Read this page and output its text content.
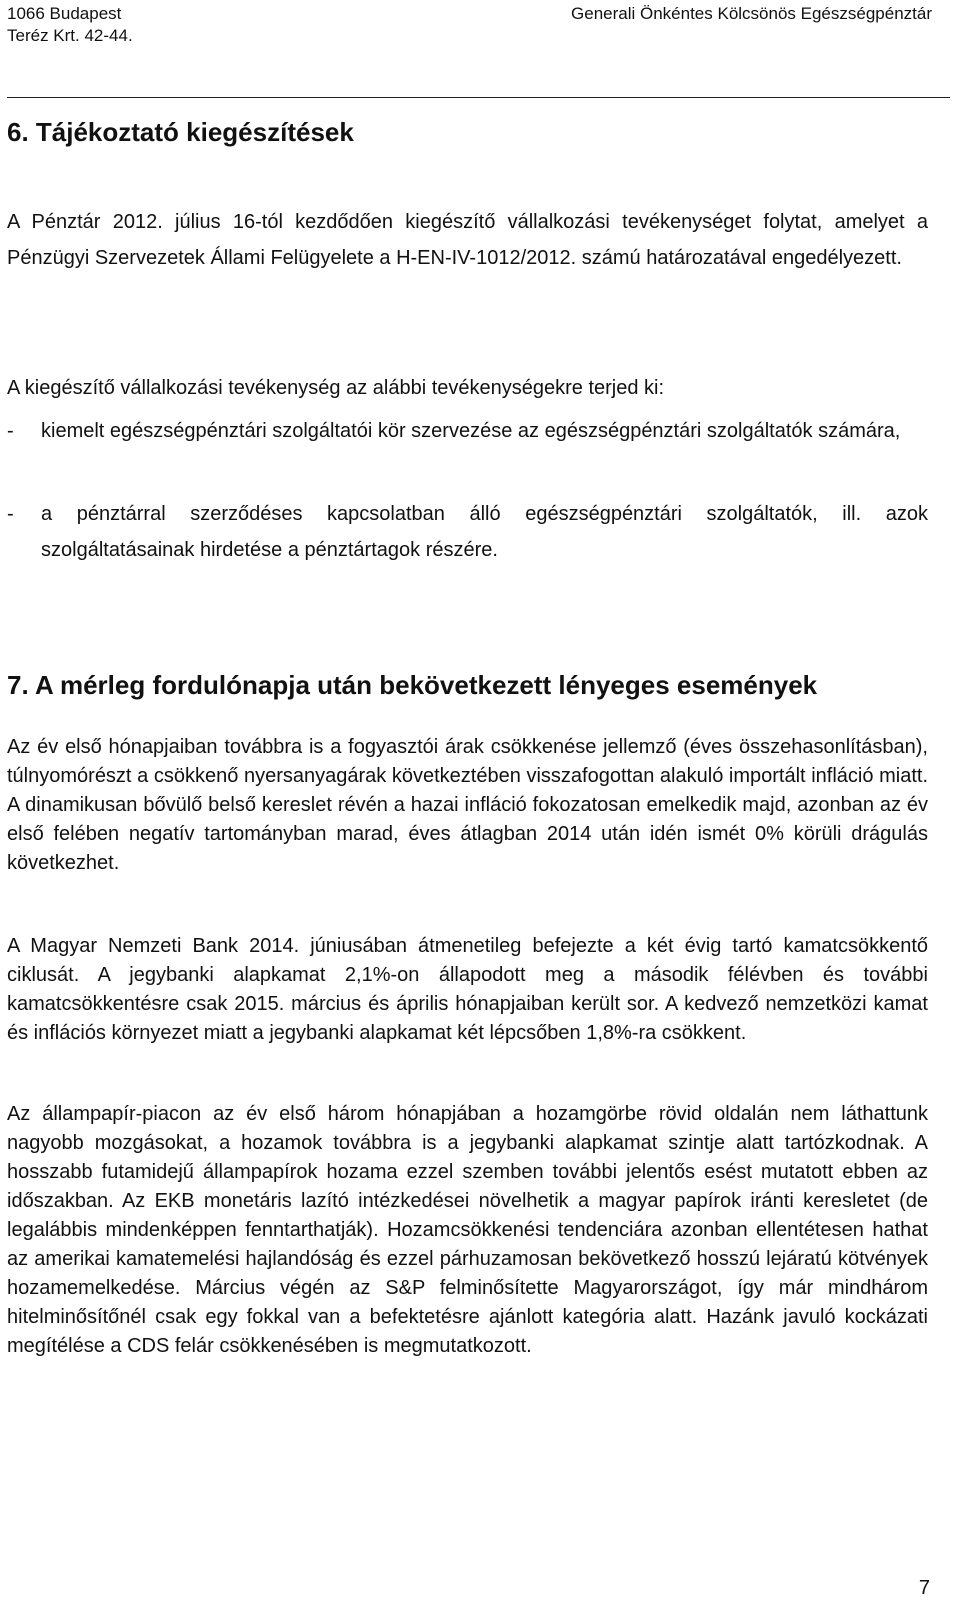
1066 Budapest
Teréz Krt. 42-44.
Generali Önkéntes Kölcsönös Egészségpénztár
6. Tájékoztató kiegészítések

A Pénztár 2012. július 16-tól kezdődően kiegészítő vállalkozási tevékenységet folytat, amelyet a Pénzügyi Szervezetek Állami Felügyelete a H-EN-IV-1012/2012. számú határozatával engedélyezett.

A kiegészítő vállalkozási tevékenység az alábbi tevékenységekre terjed ki:

- kiemelt egészségpénztári szolgáltatói kör szervezése az egészségpénztári szolgáltatók számára,
- a pénztárral szerződéses kapcsolatban álló egészségpénztári szolgáltatók, ill. azok szolgáltatásainak hirdetése a pénztártagok részére.
7. A mérleg fordulónapja után bekövetkezett lényeges események

Az év első hónapjaiban továbbra is a fogyasztói árak csökkenése jellemző (éves összehasonlításban), túlnyomórészt a csökkenő nyersanyagárak következtében visszafogottan alakuló importált infláció miatt. A dinamikusan bővülő belső kereslet révén a hazai infláció fokozatosan emelkedik majd, azonban az év első felében negatív tartományban marad, éves átlagban 2014 után idén ismét 0% körüli drágulás következhet.

A Magyar Nemzeti Bank 2014. júniusában átmenetileg befejezte a két évig tartó kamatcsökkentő ciklusát. A jegybanki alapkamat 2,1%-on állapodott meg a második félévben és további kamatcsökkentésre csak 2015. március és április hónapjaiban került sor. A kedvező nemzetközi kamat és inflációs környezet miatt a jegybanki alapkamat két lépcsőben 1,8%-ra csökkent.

Az állampapír-piacon az év első három hónapjában a hozamgörbe rövid oldalán nem láthattunk nagyobb mozgásokat, a hozamok továbbra is a jegybanki alapkamat szintje alatt tartózkodnak. A hosszabb futamidejű állampapírok hozama ezzel szemben további jelentős esést mutatott ebben az időszakban. Az EKB monetáris lazító intézkedései növelhetik a magyar papírok iránti keresletet (de legalábbis mindenképpen fenntarthatják). Hozamcsökkenési tendenciára azonban ellentétesen hathat az amerikai kamatemelési hajlandóság és ezzel párhuzamosan bekövetkező hosszú lejáratú kötvények hozamemelkedése. Március végén az S&P felminősítette Magyarországot, így már mindhárom hitelminősítőnél csak egy fokkal van a befektetésre ajánlott kategória alatt. Hazánk javuló kockázati megítélése a CDS felár csökkenésében is megmutatkozott.

7
